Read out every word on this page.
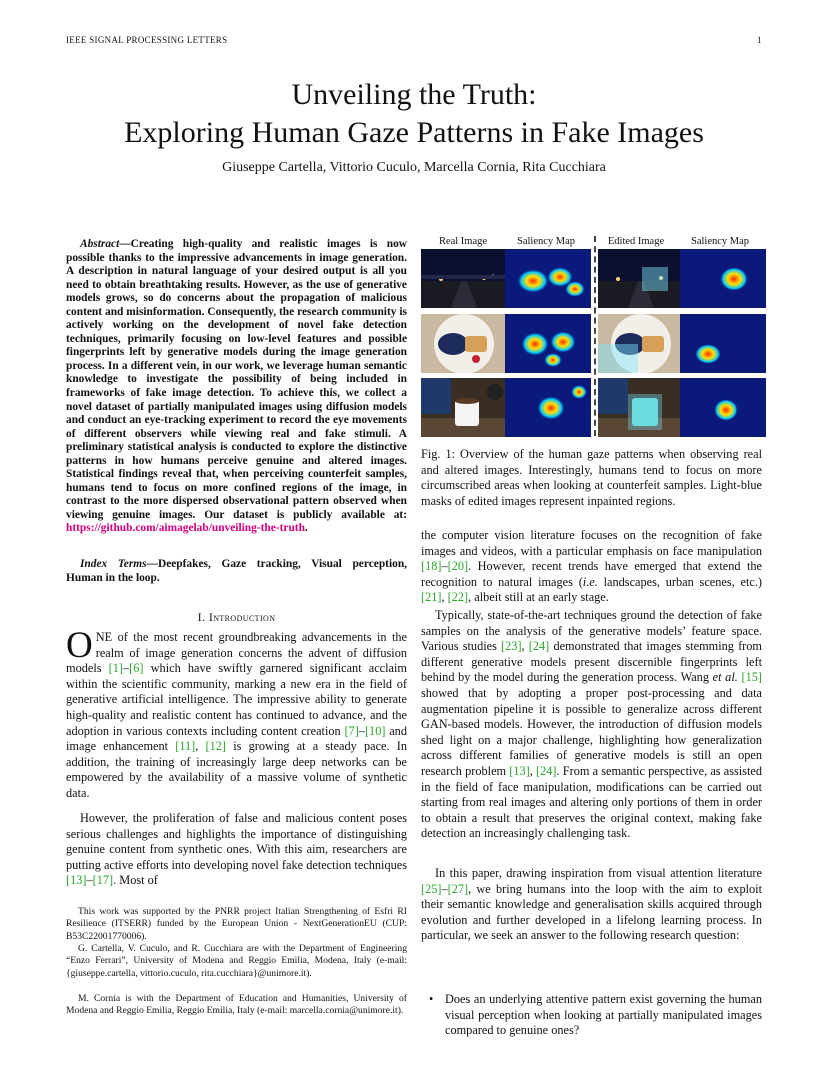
IEEE SIGNAL PROCESSING LETTERS	1
Unveiling the Truth:
Exploring Human Gaze Patterns in Fake Images
Giuseppe Cartella, Vittorio Cuculo, Marcella Cornia, Rita Cucchiara
Abstract—Creating high-quality and realistic images is now possible thanks to the impressive advancements in image generation. A description in natural language of your desired output is all you need to obtain breathtaking results. However, as the use of generative models grows, so do concerns about the propagation of malicious content and misinformation. Consequently, the research community is actively working on the development of novel fake detection techniques, primarily focusing on low-level features and possible fingerprints left by generative models during the image generation process. In a different vein, in our work, we leverage human semantic knowledge to investigate the possibility of being included in frameworks of fake image detection. To achieve this, we collect a novel dataset of partially manipulated images using diffusion models and conduct an eye-tracking experiment to record the eye movements of different observers while viewing real and fake stimuli. A preliminary statistical analysis is conducted to explore the distinctive patterns in how humans perceive genuine and altered images. Statistical findings reveal that, when perceiving counterfeit samples, humans tend to focus on more confined regions of the image, in contrast to the more dispersed observational pattern observed when viewing genuine images. Our dataset is publicly available at: https://github.com/aimagelab/unveiling-the-truth.
Index Terms—Deepfakes, Gaze tracking, Visual perception, Human in the loop.
I. Introduction
ONE of the most recent groundbreaking advancements in the realm of image generation concerns the advent of diffusion models [1]–[6] which have swiftly garnered significant acclaim within the scientific community, marking a new era in the field of generative artificial intelligence. The impressive ability to generate high-quality and realistic content has continued to advance, and the adoption in various contexts including content creation [7]–[10] and image enhancement [11], [12] is growing at a steady pace. In addition, the training of increasingly large deep networks can be empowered by the availability of a massive volume of synthetic data.
However, the proliferation of false and malicious content poses serious challenges and highlights the importance of distinguishing genuine content from synthetic ones. With this aim, researchers are putting active efforts into developing novel fake detection techniques [13]–[17]. Most of
This work was supported by the PNRR project Italian Strengthening of Esfri RI Resilience (ITSERR) funded by the European Union - NextGenerationEU (CUP: B53C22001770006).
G. Cartella, V. Cuculo, and R. Cucchiara are with the Department of Engineering “Enzo Ferrari”, University of Modena and Reggio Emilia, Modena, Italy (e-mail: {giuseppe.cartella, vittorio.cuculo, rita.cucchiara}@unimore.it).
M. Cornia is with the Department of Education and Humanities, University of Modena and Reggio Emilia, Reggio Emilia, Italy (e-mail: marcella.cornia@unimore.it).
Real Image	Saliency Map	Edited Image	Saliency Map
Fig. 1: Overview of the human gaze patterns when observing real and altered images. Interestingly, humans tend to focus on more circumscribed areas when looking at counterfeit samples. Light-blue masks of edited images represent inpainted regions.
the computer vision literature focuses on the recognition of fake images and videos, with a particular emphasis on face manipulation [18]–[20]. However, recent trends have emerged that extend the recognition to natural images (i.e. landscapes, urban scenes, etc.) [21], [22], albeit still at an early stage.
Typically, state-of-the-art techniques ground the detection of fake samples on the analysis of the generative models’ feature space. Various studies [23], [24] demonstrated that images stemming from different generative models present discernible fingerprints left behind by the model during the generation process. Wang et al. [15] showed that by adopting a proper post-processing and data augmentation pipeline it is possible to generalize across different GAN-based models. However, the introduction of diffusion models shed light on a major challenge, highlighting how generalization across different families of generative models is still an open research problem [13], [24]. From a semantic perspective, as assisted in the field of face manipulation, modifications can be carried out starting from real images and altering only portions of them in order to obtain a result that preserves the original context, making fake detection an increasingly challenging task.
In this paper, drawing inspiration from visual attention literature [25]–[27], we bring humans into the loop with the aim to exploit their semantic knowledge and generalisation skills acquired through evolution and further developed in a lifelong learning process. In particular, we seek an answer to the following research question:
• Does an underlying attentive pattern exist governing the human visual perception when looking at partially manipulated images compared to genuine ones?
